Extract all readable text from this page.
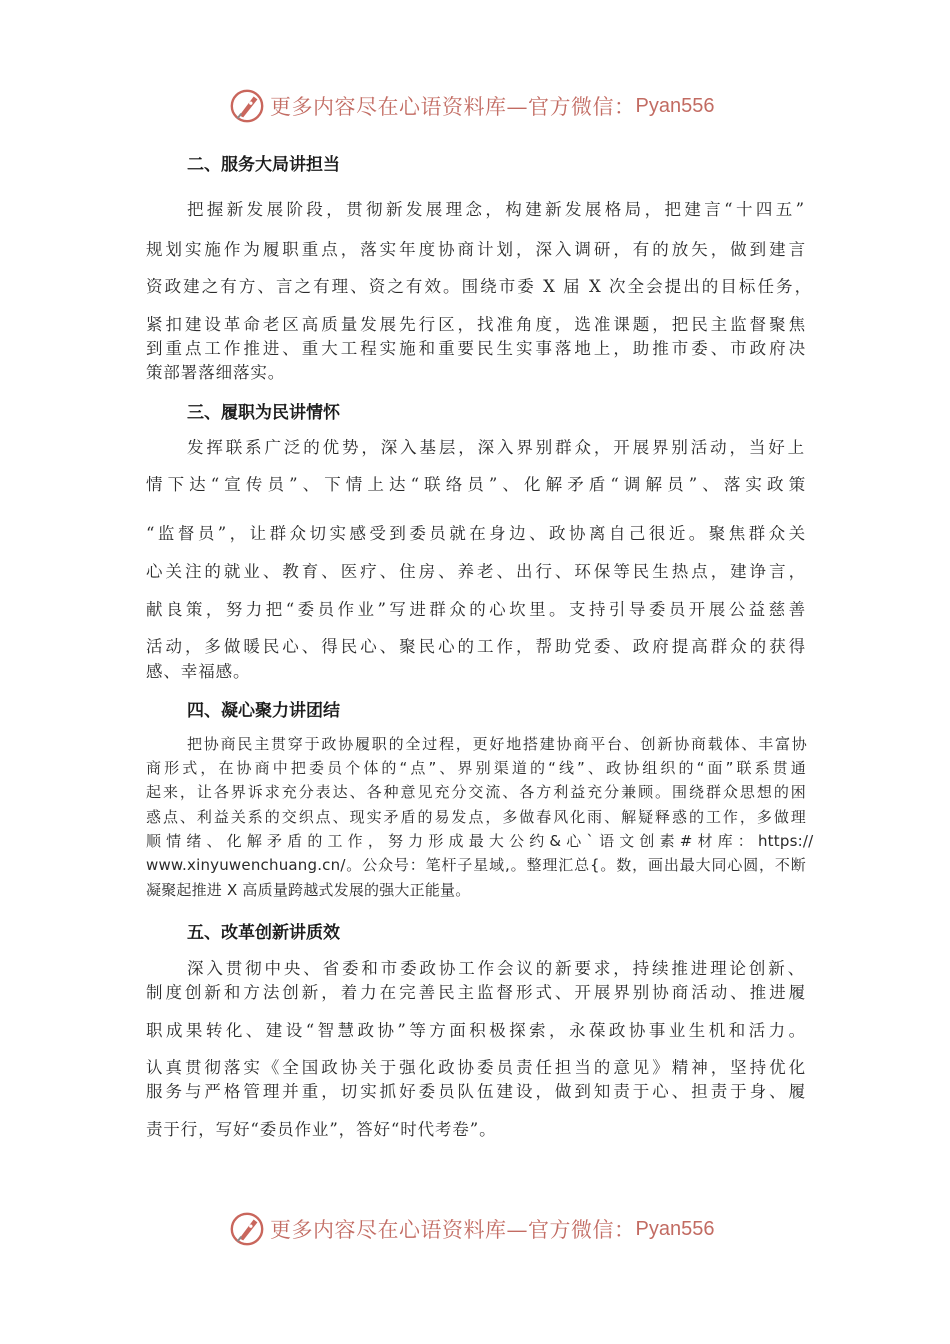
更多内容尽在心语资料库—官方微信： Pyan556
二、服务大局讲担当
把握新发展阶段，贯彻新发展理念，构建新发展格局，把建言“十四五”
规划实施作为履职重点，落实年度协商计划，深入调研，有的放矢，做到建言
资政建之有方、言之有理、资之有效。围绕市委 X 届 X 次全会提出的目标任务，
紧扣建设革命老区高质量发展先行区，找准角度，选准课题，把民主监督聚焦
到重点工作推进、重大工程实施和重要民生实事落地上，助推市委、市政府决
策部署落细落实。
三、履职为民讲情怀
发挥联系广泛的优势，深入基层，深入界别群众，开展界别活动，当好上
情下达“宣传员”、下情上达“联络员”、化解矛盾“调解员”、落实政策
“监督员”，让群众切实感受到委员就在身边、政协离自己很近。聚焦群众关
心关注的就业、教育、医疗、住房、养老、出行、环保等民生热点，建诤言，
献良策，努力把“委员作业”写进群众的心坎里。支持引导委员开展公益慈善
活动，多做暖民心、得民心、聚民心的工作，帮助党委、政府提高群众的获得
感、幸福感。
四、凝心聚力讲团结
把协商民主贯穿于政协履职的全过程，更好地搭建协商平台、创新协商载体、丰富协
商形式，在协商中把委员个体的“点”、界别渠道的“线”、政协组织的“面”联系贯通
起来，让各界诉求充分表达、各种意见充分交流、各方利益充分兼顾。围绕群众思想的困
惑点、利益关系的交织点、现实矛盾的易发点，多做春风化雨、解疑释惑的工作，多做理
顺 情 绪 、 化 解 矛 盾 的 工 作 ， 努 力 形 成 最 大 公 约 & 心 ` 语 文 创 素 # 材 库 ： https://
www.xinyuwenchuang.cn/。公众号：笔杆子星域,。整理汇总{。数，画出最大同心圆，不断
凝聚起推进 X 高质量跨越式发展的强大正能量。
五、改革创新讲质效
深入贯彻中央、省委和市委政协工作会议的新要求，持续推进理论创新、
制度创新和方法创新，着力在完善民主监督形式、开展界别协商活动、推进履
职成果转化、建设“智慧政协”等方面积极探索，永葆政协事业生机和活力。
认真贯彻落实《全国政协关于强化政协委员责任担当的意见》精神，坚持优化
服务与严格管理并重，切实抓好委员队伍建设，做到知责于心、担责于身、履
责于行，写好“委员作业”，答好“时代考卷”。
更多内容尽在心语资料库—官方微信： Pyan556
